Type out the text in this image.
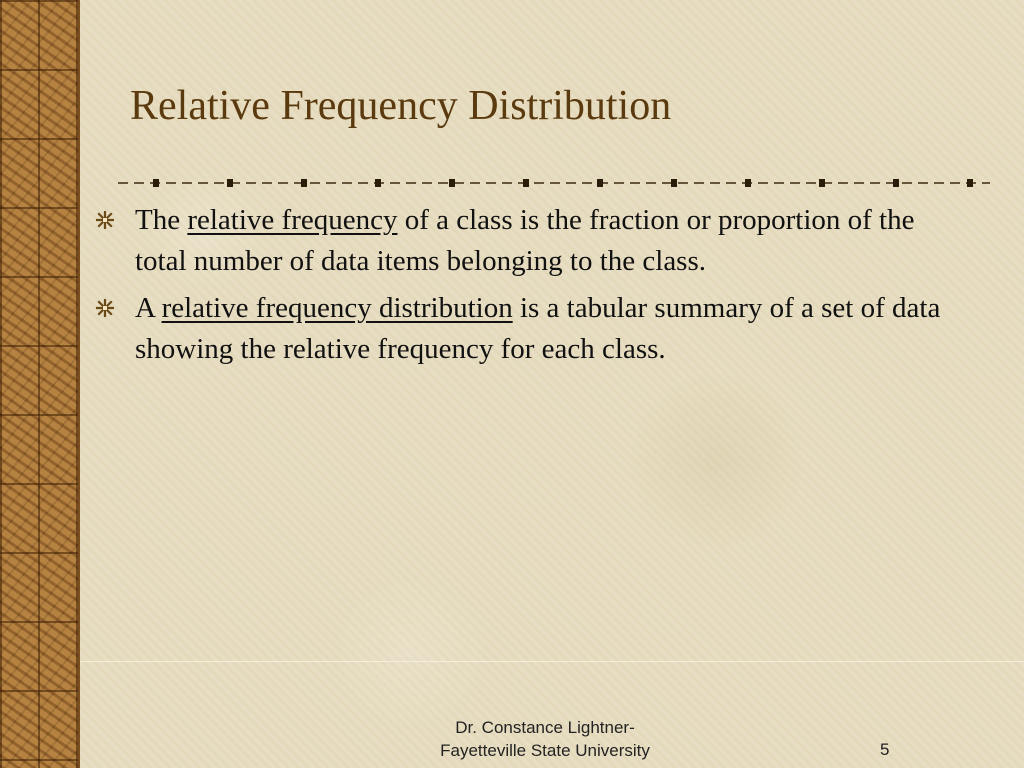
Relative Frequency Distribution
The relative frequency of a class is the fraction or proportion of the total number of data items belonging to the class.
A relative frequency distribution is a tabular summary of a set of data showing the relative frequency for each class.
Dr. Constance Lightner-
Fayetteville State University	5
